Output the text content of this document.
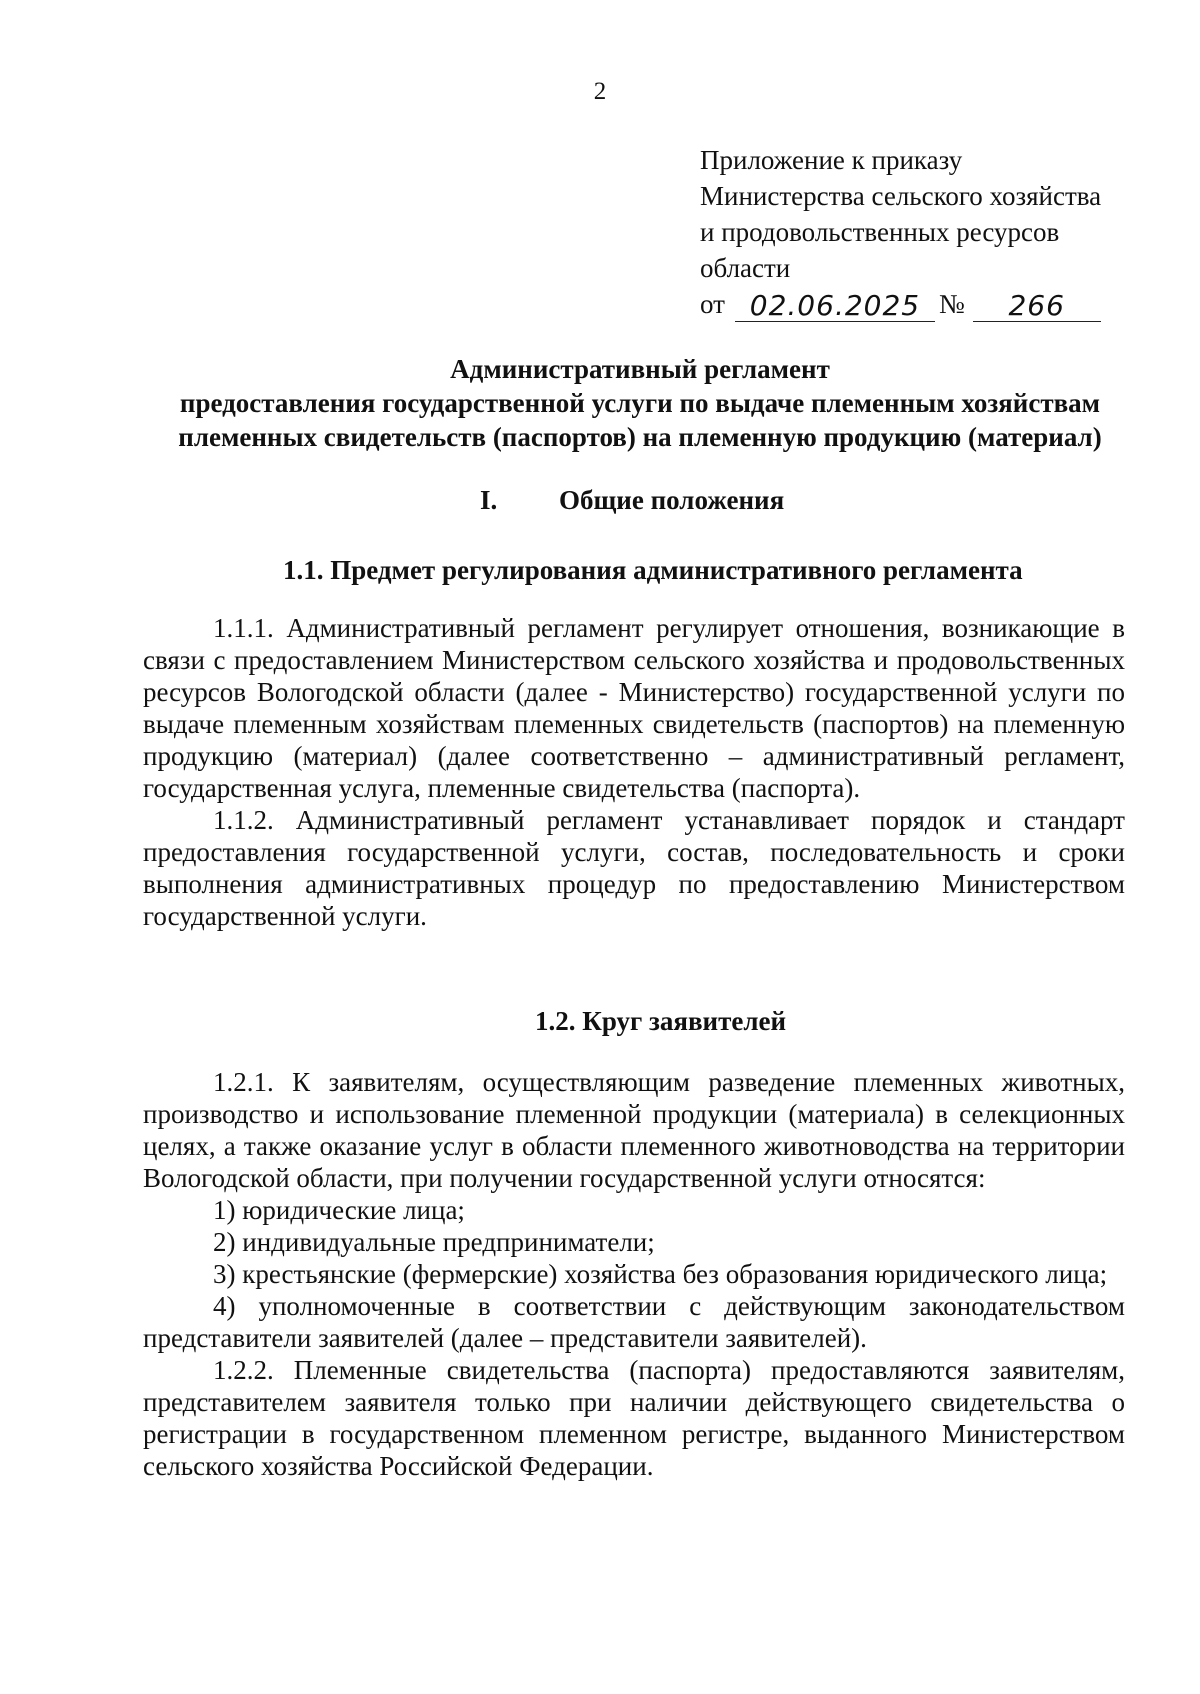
2
Приложение к приказу
Министерства сельского хозяйства
и продовольственных ресурсов
области
от 02.06.2025 №	266
Административный регламент
предоставления государственной услуги по выдаче племенным хозяйствам
племенных свидетельств (паспортов) на племенную продукцию (материал)
I. Общие положения
1.1. Предмет регулирования административного регламента

1.1.1. Административный регламент регулирует отношения, возникающие в связи с предоставлением Министерством сельского хозяйства и продовольственных ресурсов Вологодской области (далее - Министерство) государственной услуги по выдаче племенным хозяйствам племенных свидетельств (паспортов) на племенную продукцию (материал) (далее соответственно – административный регламент, государственная услуга, племенные свидетельства (паспорта).

1.1.2. Административный регламент устанавливает порядок и стандарт предоставления государственной услуги, состав, последовательность и сроки выполнения административных процедур по предоставлению Министерством государственной услуги.

1.2. Круг заявителей

1.2.1. К заявителям, осуществляющим разведение племенных животных, производство и использование племенной продукции (материала) в селекционных целях, а также оказание услуг в области племенного животноводства на территории Вологодской области, при получении государственной услуги относятся:

1) юридические лица;

2) индивидуальные предприниматели;

3) крестьянские (фермерские) хозяйства без образования юридического лица;

4) уполномоченные в соответствии с действующим законодательством представители заявителей (далее – представители заявителей).

1.2.2. Племенные свидетельства (паспорта) предоставляются заявителям, представителем заявителя только при наличии действующего свидетельства о регистрации в государственном племенном регистре, выданного Министерством сельского хозяйства Российской Федерации.
